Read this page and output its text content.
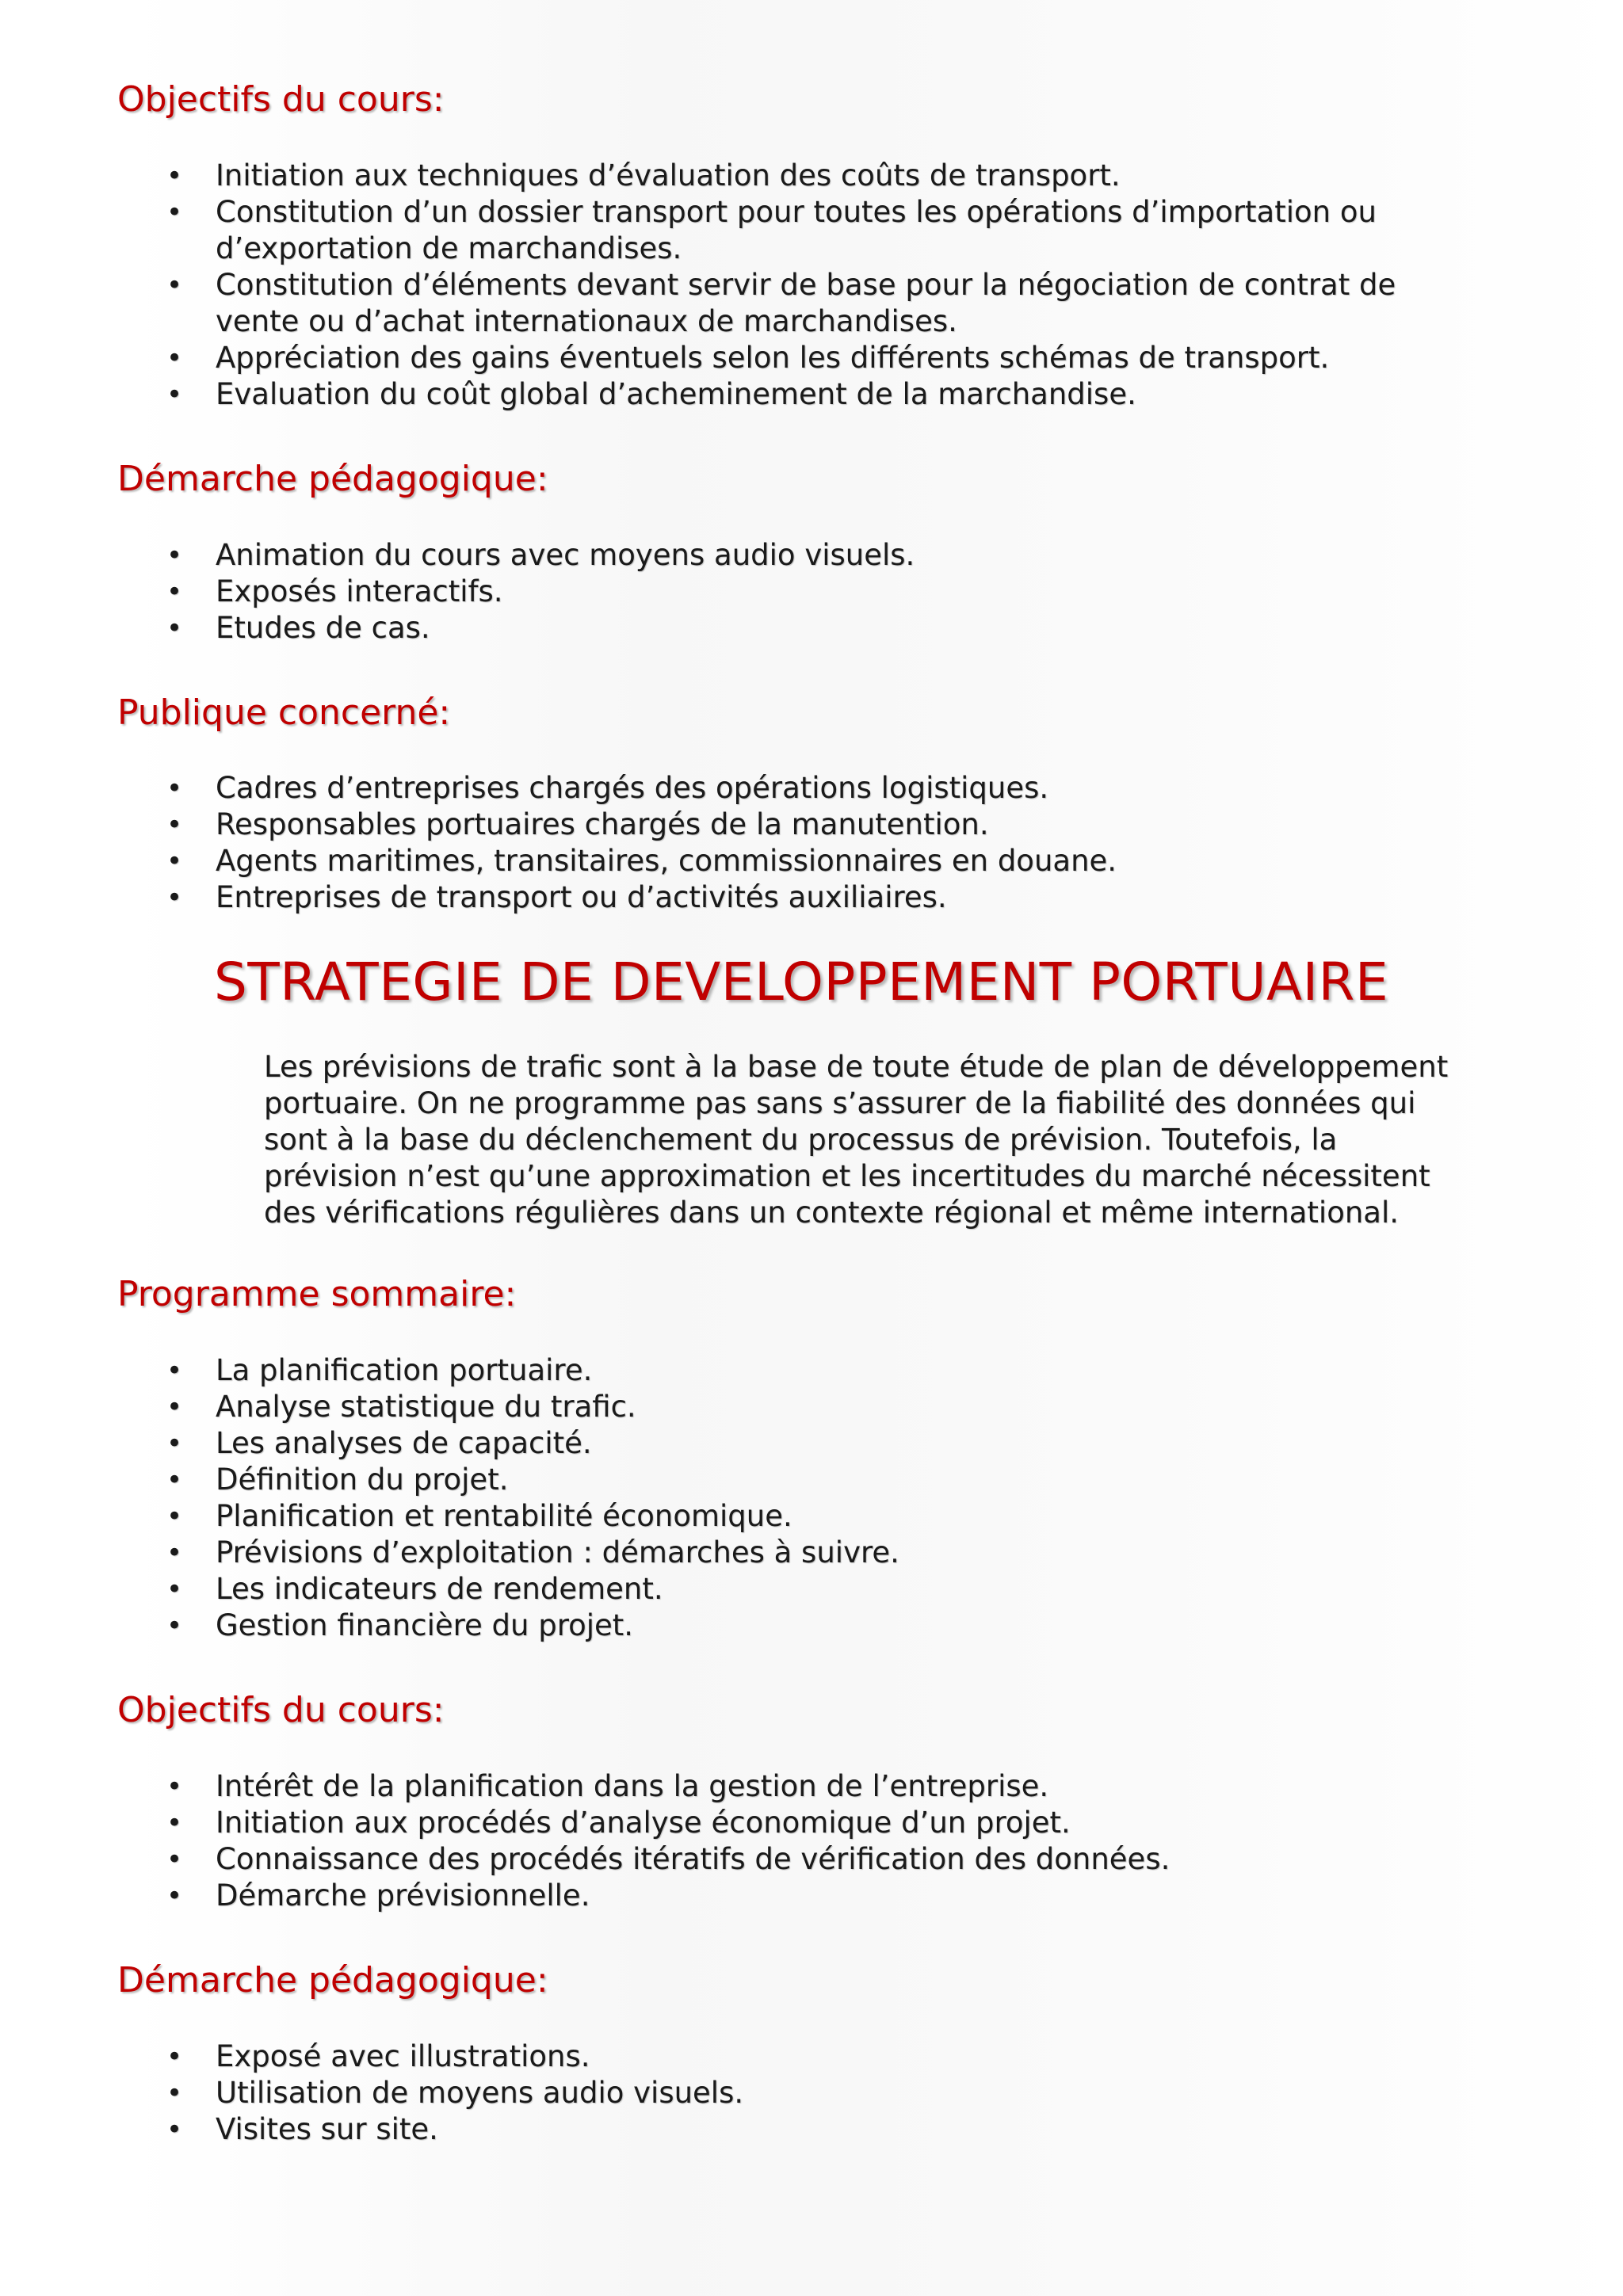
Objectifs du cours:
• Initiation aux techniques d’évaluation des coûts de transport.
• Constitution d’un dossier transport pour toutes les opérations d’importation ou
d’exportation de marchandises.
• Constitution d’éléments devant servir de base pour la négociation de contrat de
vente ou d’achat internationaux de marchandises.
• Appréciation des gains éventuels selon les différents schémas de transport.
• Evaluation du coût global d’acheminement de la marchandise.
Démarche pédagogique:
• Animation du cours avec moyens audio visuels.
• Exposés interactifs.
• Etudes de cas.
Publique concerné:
• Cadres d’entreprises chargés des opérations logistiques.
• Responsables portuaires chargés de la manutention.
• Agents maritimes, transitaires, commissionnaires en douane.
• Entreprises de transport ou d’activités auxiliaires.
STRATEGIE DE DEVELOPPEMENT PORTUAIRE

Les prévisions de trafic sont à la base de toute étude de plan de développement
portuaire. On ne programme pas sans s’assurer de la fiabilité des données qui
sont à la base du déclenchement du processus de prévision. Toutefois, la
prévision n’est qu’une approximation et les incertitudes du marché nécessitent
des vérifications régulières dans un contexte régional et même international.

Programme sommaire:
• La planification portuaire.
• Analyse statistique du trafic.
• Les analyses de capacité.
• Définition du projet.
• Planification et rentabilité économique.
• Prévisions d’exploitation : démarches à suivre.
• Les indicateurs de rendement.
• Gestion financière du projet.
Objectifs du cours:
• Intérêt de la planification dans la gestion de l’entreprise.
• Initiation aux procédés d’analyse économique d’un projet.
• Connaissance des procédés itératifs de vérification des données.
• Démarche prévisionnelle.
Démarche pédagogique:
• Exposé avec illustrations.
• Utilisation de moyens audio visuels.
• Visites sur site.
